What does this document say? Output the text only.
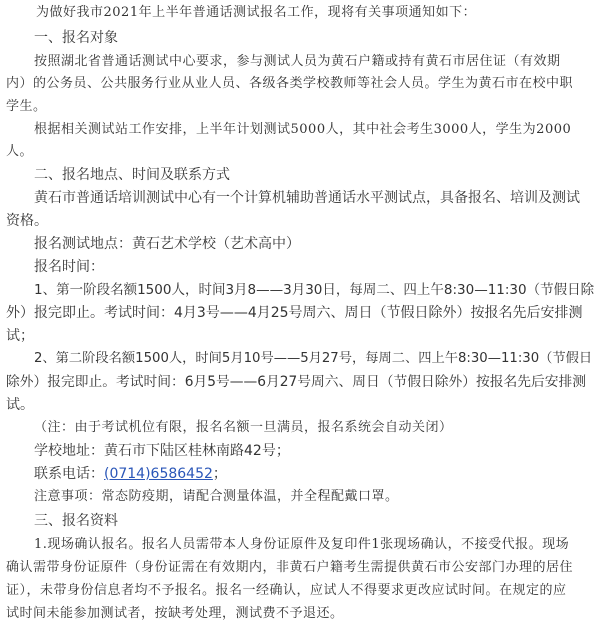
为做好我市2021年上半年普通话测试报名工作，现将有关事项通知如下：
一、报名对象
按照湖北省普通话测试中心要求，参与测试人员为黄石户籍或持有黄石市居住证（有效期
内）的公务员、公共服务行业从业人员、各级各类学校教师等社会人员。学生为黄石市在校中职
学生。
根据相关测试站工作安排，上半年计划测试5000人，其中社会考生3000人，学生为2000
人。
二、报名地点、时间及联系方式
黄石市普通话培训测试中心有一个计算机辅助普通话水平测试点，具备报名、培训及测试
资格。
报名测试地点：黄石艺术学校（艺术高中）
报名时间：
1、第一阶段名额1500人，时间3月8——3月30日，每周二、四上午8:30—11:30（节假日除
外）报完即止。考试时间：4月3号——4月25号周六、周日（节假日除外）按报名先后安排测
试；
2、第二阶段名额1500人，时间5月10号——5月27号，每周二、四上午8:30—11:30（节假日
除外）报完即止。考试时间：6月5号——6月27号周六、周日（节假日除外）按报名先后安排测
试。
（注：由于考试机位有限，报名名额一旦满员，报名系统会自动关闭）
学校地址：黄石市下陆区桂林南路42号；
联系电话：(0714)6586452；
注意事项：常态防疫期，请配合测量体温，并全程配戴口罩。
三、报名资料
1.现场确认报名。报名人员需带本人身份证原件及复印件1张现场确认，不接受代报。现场
确认需带身份证原件（身份证需在有效期内，非黄石户籍考生需提供黄石市公安部门办理的居住
证），未带身份信息者均不予报名。报名一经确认，应试人不得要求更改应试时间。在规定的应
试时间未能参加测试者，按缺考处理，测试费不予退还。
